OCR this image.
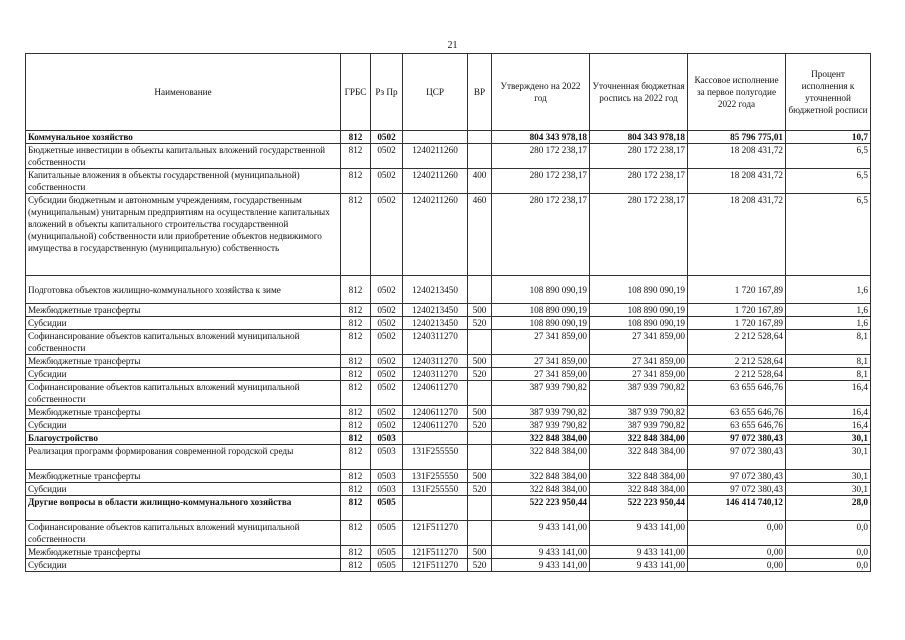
21
Наименование	ГРБС	Рз Пр	ЦСР	ВР	Утверждено на 2022 год	Уточненная бюджетная роспись на 2022 год	Кассовое исполнение за первое полугодие 2022 года	Процент исполнения к уточненной бюджетной росписи
Коммунальное хозяйство	812	0502			804 343 978,18	804 343 978,18	85 796 775,01	10,7
Бюджетные инвестиции в объекты капитальных вложений государственной собственности	812	0502	1240211260		280 172 238,17	280 172 238,17	18 208 431,72	6,5
Капитальные вложения в объекты государственной (муниципальной) собственности	812	0502	1240211260	400	280 172 238,17	280 172 238,17	18 208 431,72	6,5
Субсидии бюджетным и автономным учреждениям, государственным (муниципальным) унитарным предприятиям на осуществление капитальных вложений в объекты капитального строительства государственной (муниципальной) собственности или приобретение объектов недвижимого имущества в государственную (муниципальную) собственность	812	0502	1240211260	460	280 172 238,17	280 172 238,17	18 208 431,72	6,5
Подготовка объектов жилищно-коммунального хозяйства к зиме	812	0502	1240213450		108 890 090,19	108 890 090,19	1 720 167,89	1,6
Межбюджетные трансферты	812	0502	1240213450	500	108 890 090,19	108 890 090,19	1 720 167,89	1,6
Субсидии	812	0502	1240213450	520	108 890 090,19	108 890 090,19	1 720 167,89	1,6
Софинансирование объектов капитальных вложений муниципальной собственности	812	0502	1240311270		27 341 859,00	27 341 859,00	2 212 528,64	8,1
Межбюджетные трансферты	812	0502	1240311270	500	27 341 859,00	27 341 859,00	2 212 528,64	8,1
Субсидии	812	0502	1240311270	520	27 341 859,00	27 341 859,00	2 212 528,64	8,1
Софинансирование объектов капитальных вложений муниципальной собственности	812	0502	1240611270		387 939 790,82	387 939 790,82	63 655 646,76	16,4
Межбюджетные трансферты	812	0502	1240611270	500	387 939 790,82	387 939 790,82	63 655 646,76	16,4
Субсидии	812	0502	1240611270	520	387 939 790,82	387 939 790,82	63 655 646,76	16,4
Благоустройство	812	0503			322 848 384,00	322 848 384,00	97 072 380,43	30,1
Реализация программ формирования современной городской среды	812	0503	131F255550		322 848 384,00	322 848 384,00	97 072 380,43	30,1
Межбюджетные трансферты	812	0503	131F255550	500	322 848 384,00	322 848 384,00	97 072 380,43	30,1
Субсидии	812	0503	131F255550	520	322 848 384,00	322 848 384,00	97 072 380,43	30,1
Другие вопросы в области жилищно-коммунального хозяйства	812	0505			522 223 950,44	522 223 950,44	146 414 740,12	28,0
Софинансирование объектов капитальных вложений муниципальной собственности	812	0505	121F511270		9 433 141,00	9 433 141,00	0,00	0,0
Межбюджетные трансферты	812	0505	121F511270	500	9 433 141,00	9 433 141,00	0,00	0,0
Субсидии	812	0505	121F511270	520	9 433 141,00	9 433 141,00	0,00	0,0
